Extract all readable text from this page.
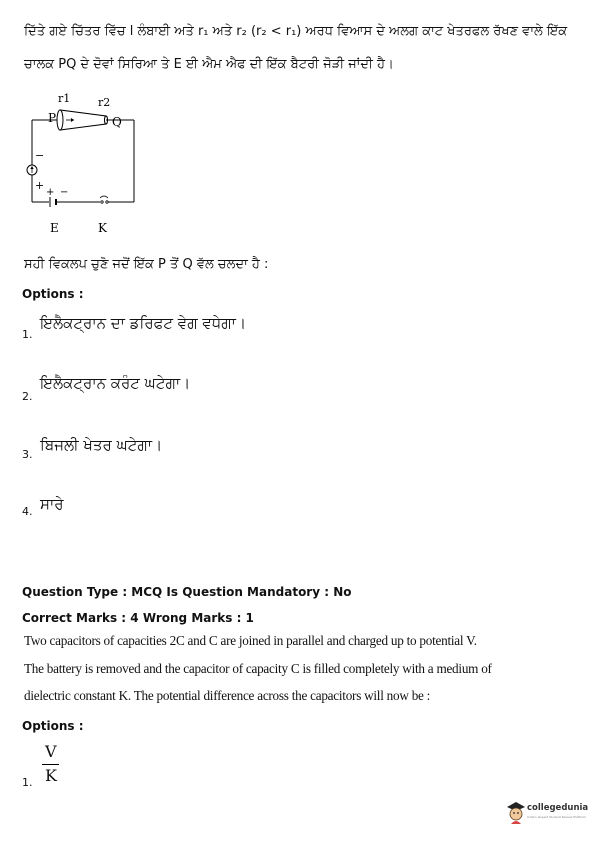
ਦਿੱਤੇ ਗਏ ਚਿੱਤਰ ਵਿੱਚ l ਲੰਬਾਈ ਅਤੇ r₁ ਅਤੇ r₂ (r₂ < r₁) ਅਰਧ ਵਿਆਸ ਦੇ ਅਲਗ ਕਾਟ ਖੇਤਰਫਲ ਰੱਖਣ ਵਾਲੇ ਇੱਕ
ਚਾਲਕ PQ ਦੇ ਦੋਵਾਂ ਸਿਰਿਆ ਤੇ E ਈ ਐਮ ਐਫ ਦੀ ਇੱਕ ਬੈਟਰੀ ਜੋੜੀ ਜਾਂਦੀ ਹੈ।
r1	r2
P	Q
−
+
+ −
E	K
ਸਹੀ ਵਿਕਲਪ ਚੁਣੋ ਜਦੋਂ ਇੱਕ P ਤੋਂ Q ਵੱਲ ਚਲਦਾ ਹੈ :
Options :
1.
ਇਲੈਕਟ੍ਰਾਨ ਦਾ ਡਰਿਫਟ ਵੇਗ ਵਧੇਗਾ।
2.
ਇਲੈਕਟ੍ਰਾਨ ਕਰੰਟ ਘਟੇਗਾ।
3.
ਬਿਜਲੀ ਖੇਤਰ ਘਟੇਗਾ।
4. ਸਾਰੇ
Question Type : MCQ Is Question Mandatory : No
Correct Marks : 4 Wrong Marks : 1
Two capacitors of capacities 2C and C are joined in parallel and charged up to potential V.
The battery is removed and the capacitor of capacity C is filled completely with a medium of
dielectric constant K. The potential difference across the capacitors will now be :
Options :
1.
V
K
collegedunia
India's largest Student Review Platform
